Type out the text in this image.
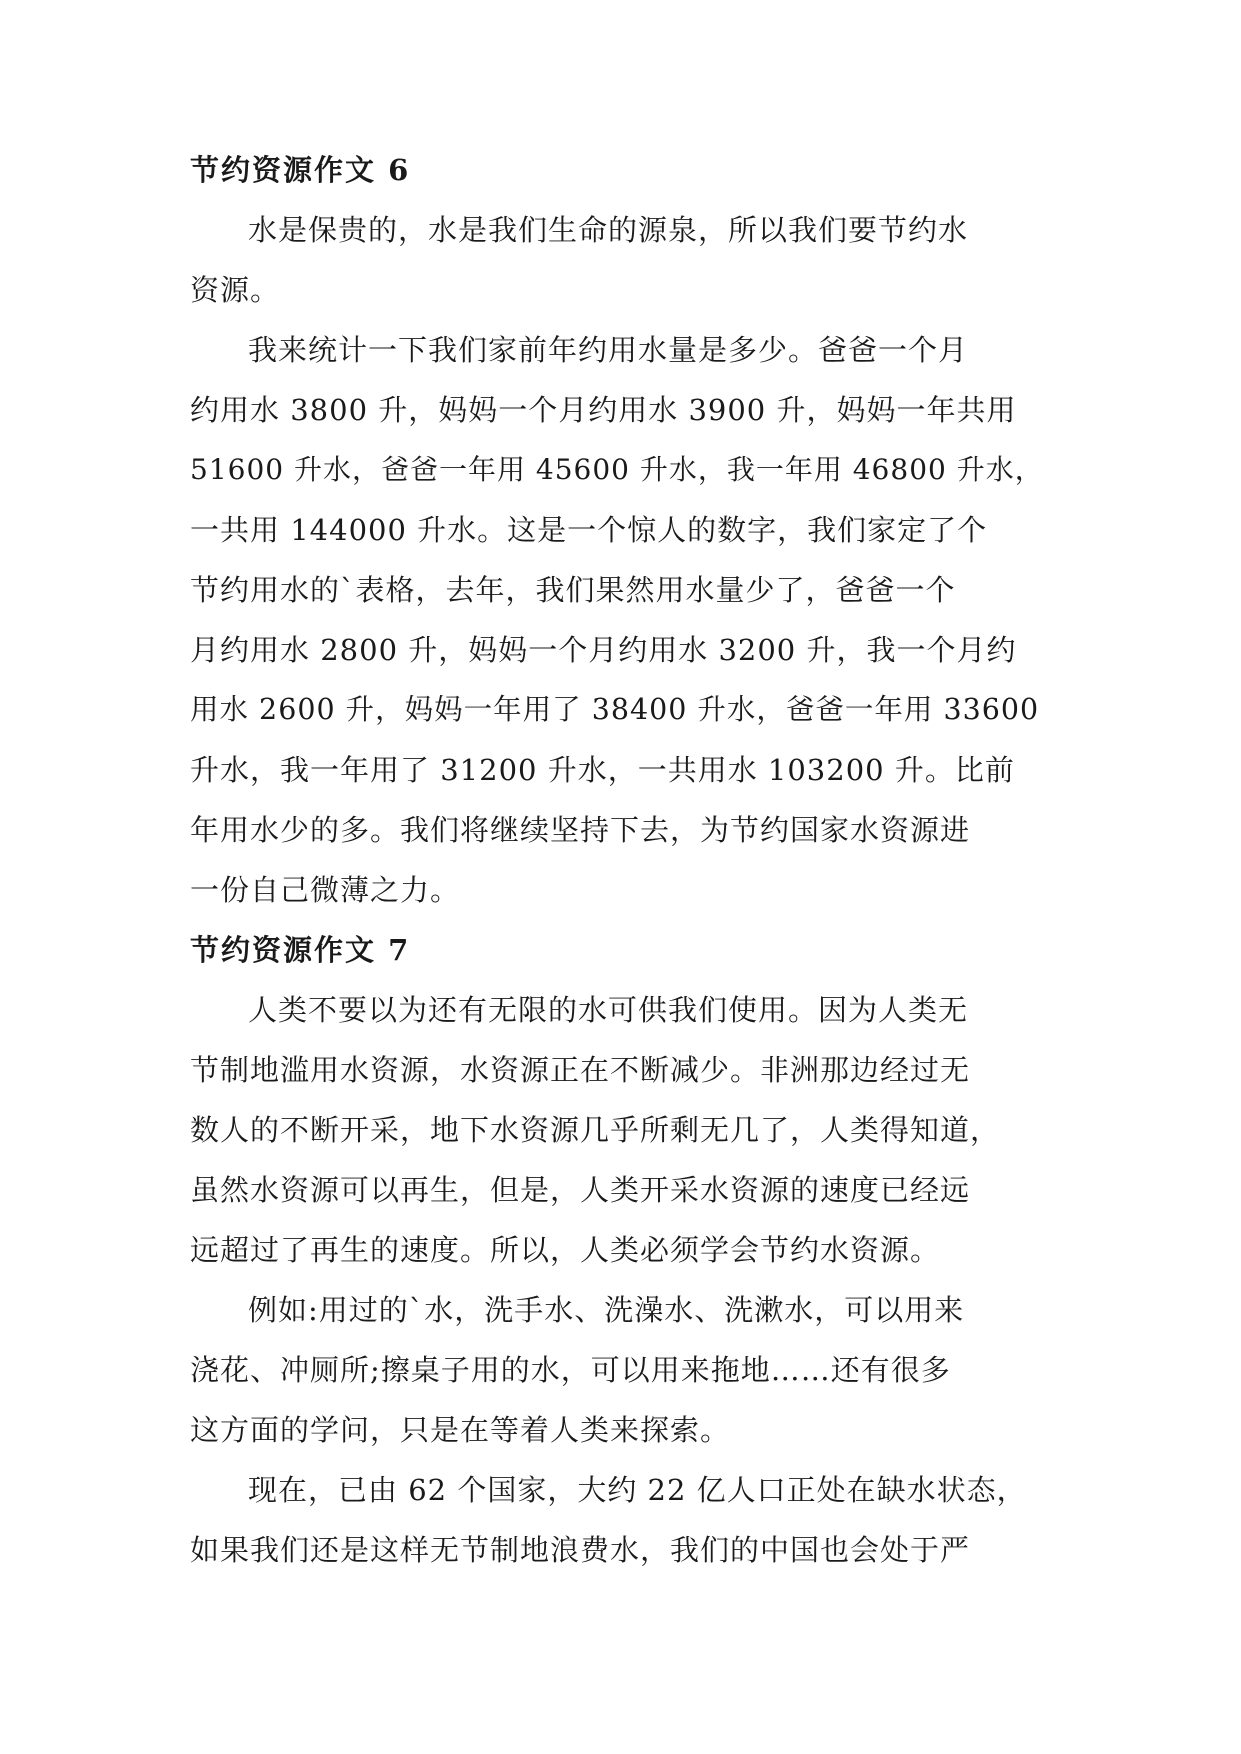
节约资源作文 6

水是保贵的，水是我们生命的源泉，所以我们要节约水
资源。

我来统计一下我们家前年约用水量是多少。爸爸一个月
约用水 3800 升，妈妈一个月约用水 3900 升，妈妈一年共用
51600 升水，爸爸一年用 45600 升水，我一年用 46800 升水，
一共用 144000 升水。这是一个惊人的数字，我们家定了个
节约用水的`表格，去年，我们果然用水量少了，爸爸一个
月约用水 2800 升，妈妈一个月约用水 3200 升，我一个月约
用水 2600 升，妈妈一年用了 38400 升水，爸爸一年用 33600
升水，我一年用了 31200 升水，一共用水 103200 升。比前
年用水少的多。我们将继续坚持下去，为节约国家水资源进
一份自己微薄之力。

节约资源作文 7

人类不要以为还有无限的水可供我们使用。因为人类无
节制地滥用水资源，水资源正在不断减少。非洲那边经过无
数人的不断开采，地下水资源几乎所剩无几了，人类得知道，
虽然水资源可以再生，但是，人类开采水资源的速度已经远
远超过了再生的速度。所以，人类必须学会节约水资源。

例如:用过的`水，洗手水、洗澡水、洗漱水，可以用来
浇花、冲厕所;擦桌子用的水，可以用来拖地……还有很多
这方面的学问，只是在等着人类来探索。

现在，已由 62 个国家，大约 22 亿人口正处在缺水状态，
如果我们还是这样无节制地浪费水，我们的中国也会处于严
